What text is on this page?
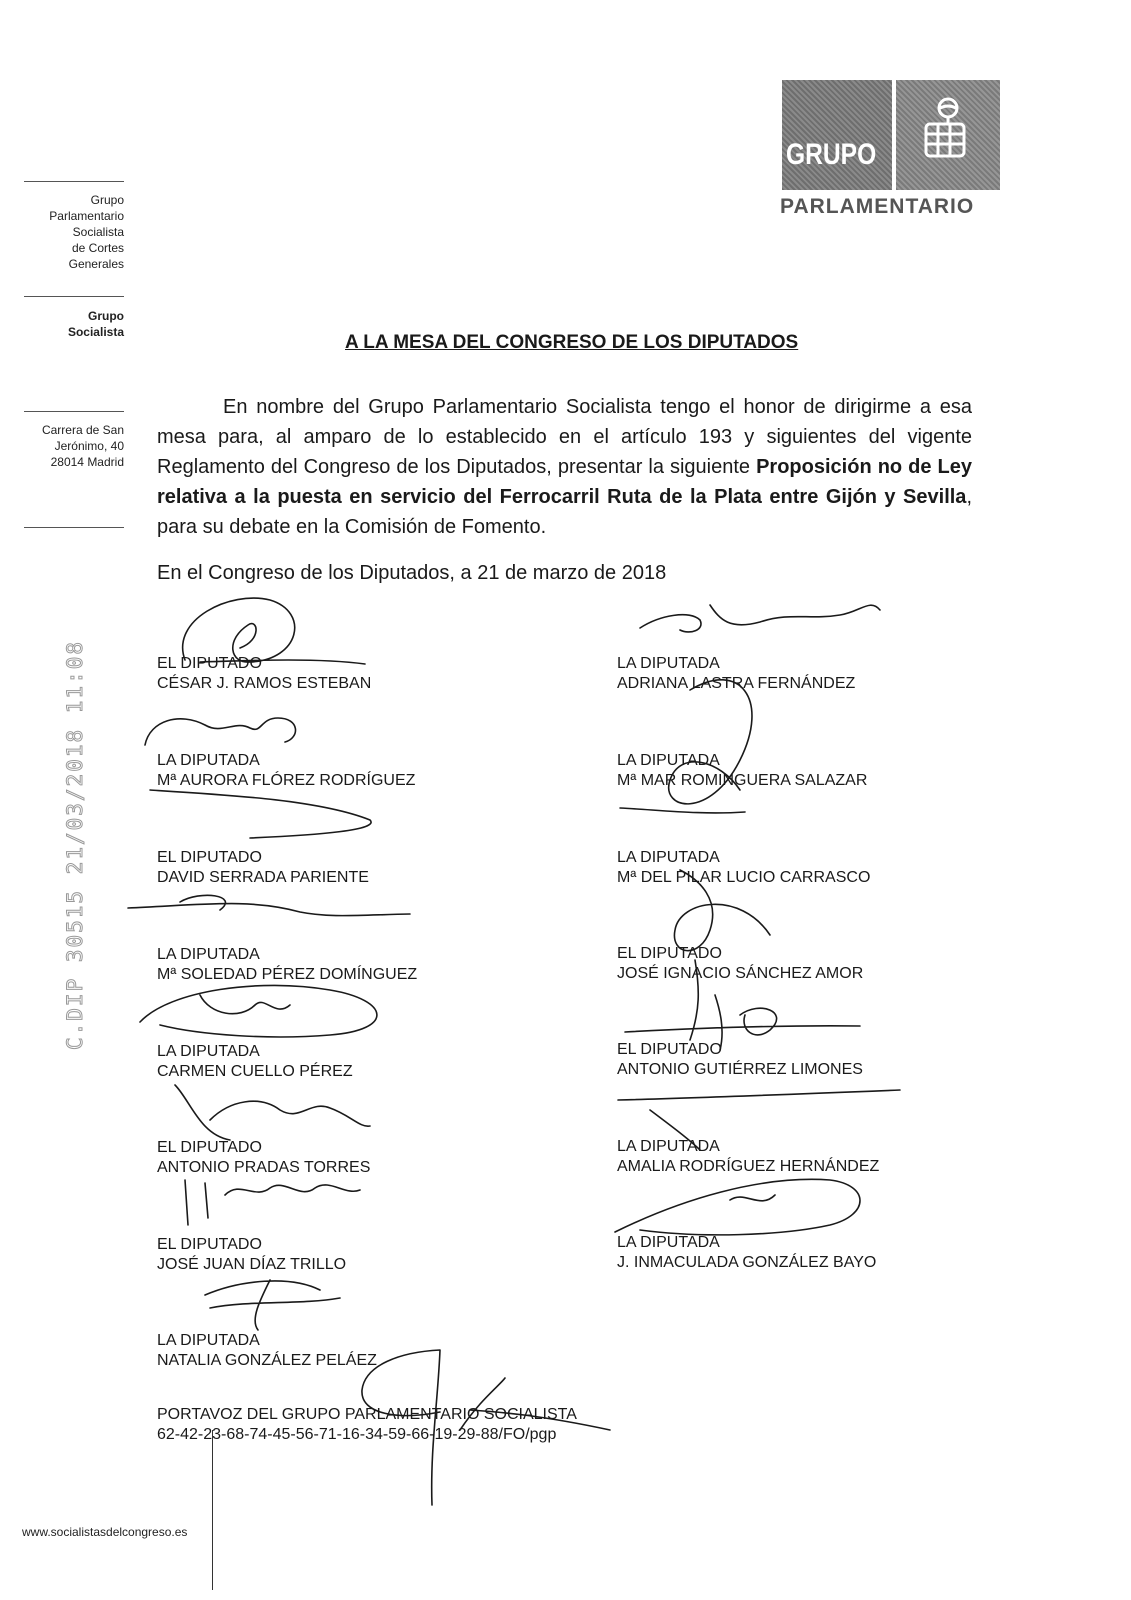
Grupo
Parlamentario
Socialista
de Cortes
Generales
Grupo
Socialista
Carrera de San
Jerónimo, 40
28014 Madrid
C.DIP 30515 21/03/2018 11:08
www.socialistasdelcongreso.es
GRUPO
PARLAMENTARIO
A LA MESA DEL CONGRESO DE LOS DIPUTADOS
En nombre del Grupo Parlamentario Socialista tengo el honor de dirigirme a esa mesa para, al amparo de lo establecido en el artículo 193 y siguientes del vigente Reglamento del Congreso de los Diputados, presentar la siguiente Proposición no de Ley relativa a la puesta en servicio del Ferrocarril Ruta de la Plata entre Gijón y Sevilla, para su debate en la Comisión de Fomento.
En el Congreso de los Diputados, a 21 de marzo de 2018
EL DIPUTADO
CÉSAR J. RAMOS ESTEBAN
LA DIPUTADA
Mª AURORA FLÓREZ RODRÍGUEZ
EL DIPUTADO
DAVID SERRADA PARIENTE
LA DIPUTADA
Mª SOLEDAD PÉREZ DOMÍNGUEZ
LA DIPUTADA
CARMEN CUELLO PÉREZ
EL DIPUTADO
ANTONIO PRADAS TORRES
EL DIPUTADO
JOSÉ JUAN DÍAZ TRILLO
LA DIPUTADA
NATALIA GONZÁLEZ PELÁEZ
LA DIPUTADA
ADRIANA LASTRA FERNÁNDEZ
LA DIPUTADA
Mª MAR ROMINGUERA SALAZAR
LA DIPUTADA
Mª DEL PILAR LUCIO CARRASCO
EL DIPUTADO
JOSÉ IGNACIO SÁNCHEZ AMOR
EL DIPUTADO
ANTONIO GUTIÉRREZ LIMONES
LA DIPUTADA
AMALIA RODRÍGUEZ HERNÁNDEZ
LA DIPUTADA
J. INMACULADA GONZÁLEZ BAYO
PORTAVOZ DEL GRUPO PARLAMENTARIO SOCIALISTA
62-42-23-68-74-45-56-71-16-34-59-66-19-29-88/FO/pgp
